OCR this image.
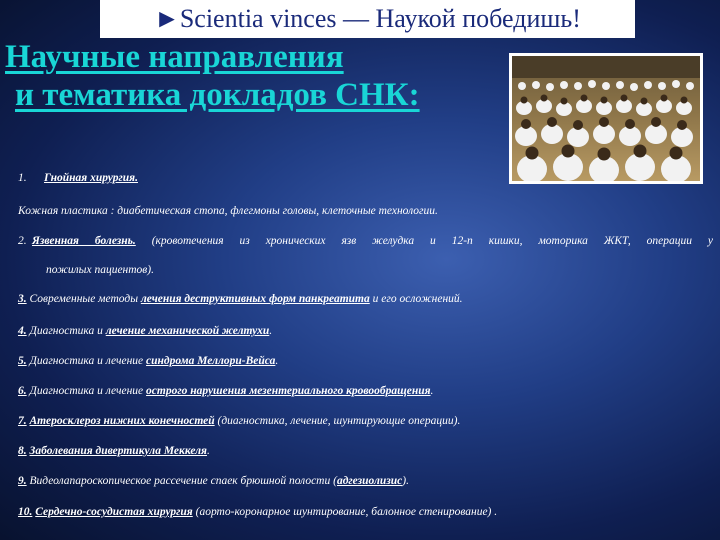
►Scientia vinces — Наукой победишь!
Научные направления
и тематика докладов СНК:
1. Гнойная хирургия.
Кожная пластика : диабетическая стопа, флегмоны головы, клеточные технологии.
2. Язвенная болезнь. (кровотечения из хронических язв желудка и 12-п кишки, моторика ЖКТ, операции у
пожилых пациентов).
3. Современные методы лечения деструктивных форм панкреатита и его осложнений.
4. Диагностика и лечение механической желтухи.
5. Диагностика и лечение синдрома Меллори-Вейса.
6. Диагностика и лечение острого нарушения мезентериального кровообращения.
7. Атеросклероз нижних конечностей (диагностика, лечение, шунтирующие операции).
8. Заболевания дивертикула Меккеля.
9. Видеолапароскопическое рассечение спаек брюшной полости (адгезиолизис).
10. Сердечно-сосудистая хирургия (аорто-коронарное шунтирование, балонное стенирование) .
